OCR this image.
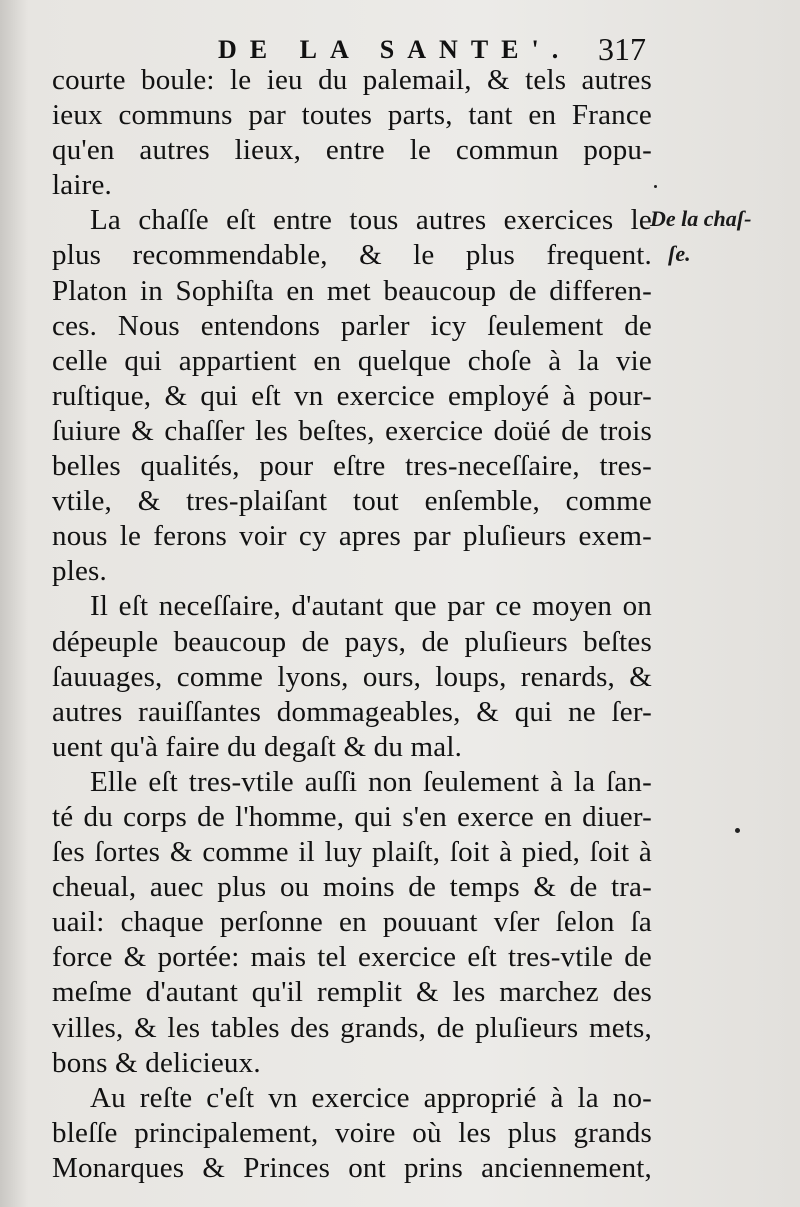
DE LA SANTE'. 317
De la chaſ-
ſe.
courte boule: le ieu du palemail, & tels autres
ieux communs par toutes parts, tant en France
qu'en autres lieux, entre le commun popu-
laire.
La chaſſe eſt entre tous autres exercices le
plus recommendable, & le plus frequent.
Platon in Sophiſta en met beaucoup de differen-
ces. Nous entendons parler icy ſeulement de
celle qui appartient en quelque choſe à la vie
ruſtique, & qui eſt vn exercice employé à pour-
ſuiure & chaſſer les beſtes, exercice doüé de trois
belles qualités, pour eſtre tres-neceſſaire, tres-
vtile, & tres-plaiſant tout enſemble, comme
nous le ferons voir cy apres par pluſieurs exem-
ples.
Il eſt neceſſaire, d'autant que par ce moyen on
dépeuple beaucoup de pays, de pluſieurs beſtes
ſauuages, comme lyons, ours, loups, renards, &
autres rauiſſantes dommageables, & qui ne ſer-
uent qu'à faire du degaſt & du mal.
Elle eſt tres-vtile auſſi non ſeulement à la ſan-
té du corps de l'homme, qui s'en exerce en diuer-
ſes ſortes & comme il luy plaiſt, ſoit à pied, ſoit à
cheual, auec plus ou moins de temps & de tra-
uail: chaque perſonne en pouuant vſer ſelon ſa
force & portée: mais tel exercice eſt tres-vtile de
meſme d'autant qu'il remplit & les marchez des
villes, & les tables des grands, de pluſieurs mets,
bons & delicieux.
Au reſte c'eſt vn exercice approprié à la no-
bleſſe principalement, voire où les plus grands
Monarques & Princes ont prins anciennement,
